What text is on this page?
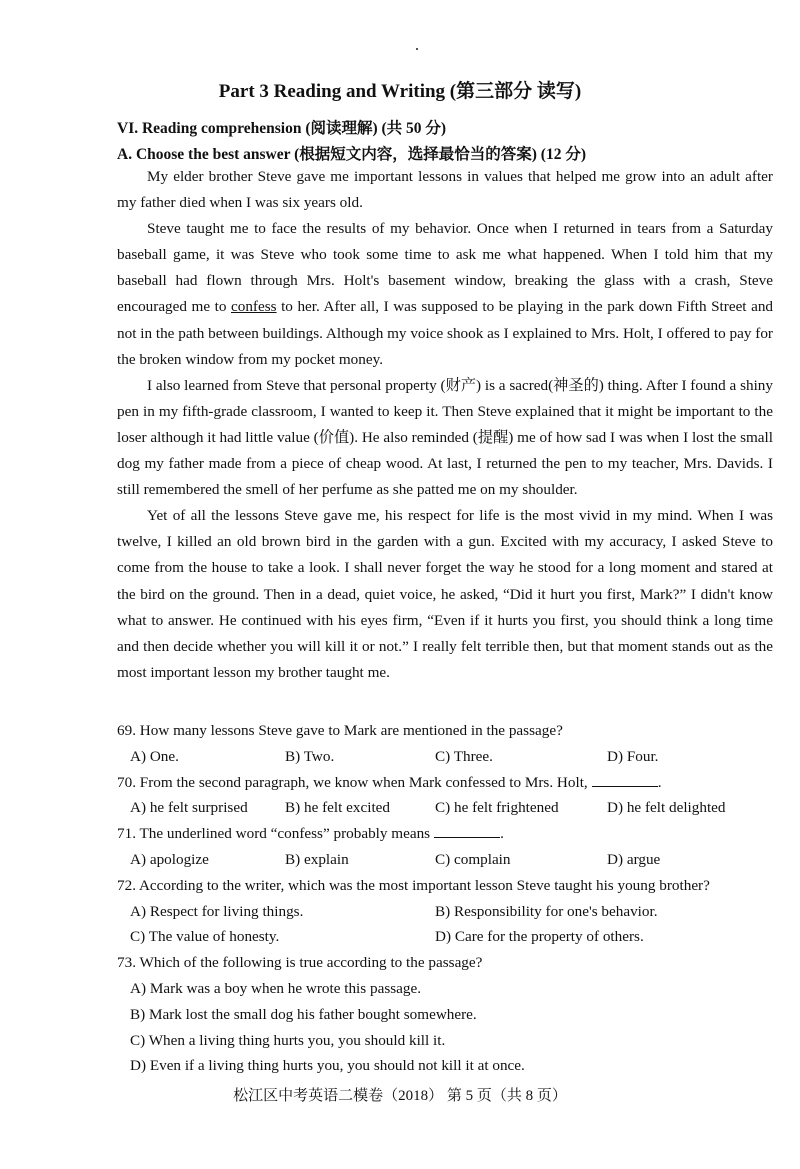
Part 3 Reading and Writing (第三部分 读写)
VI. Reading comprehension (阅读理解) (共 50 分)
A. Choose the best answer (根据短文内容，选择最恰当的答案) (12 分)

My elder brother Steve gave me important lessons in values that helped me grow into an adult after my father died when I was six years old.

Steve taught me to face the results of my behavior. Once when I returned in tears from a Saturday baseball game, it was Steve who took some time to ask me what happened. When I told him that my baseball had flown through Mrs. Holt's basement window, breaking the glass with a crash, Steve encouraged me to confess to her. After all, I was supposed to be playing in the park down Fifth Street and not in the path between buildings. Although my voice shook as I explained to Mrs. Holt, I offered to pay for the broken window from my pocket money.

I also learned from Steve that personal property (财产) is a sacred(神圣的) thing. After I found a shiny pen in my fifth-grade classroom, I wanted to keep it. Then Steve explained that it might be important to the loser although it had little value (价值). He also reminded (提醒) me of how sad I was when I lost the small dog my father made from a piece of cheap wood. At last, I returned the pen to my teacher, Mrs. Davids. I still remembered the smell of her perfume as she patted me on my shoulder.

Yet of all the lessons Steve gave me, his respect for life is the most vivid in my mind. When I was twelve, I killed an old brown bird in the garden with a gun. Excited with my accuracy, I asked Steve to come from the house to take a look. I shall never forget the way he stood for a long moment and stared at the bird on the ground. Then in a dead, quiet voice, he asked, “Did it hurt you first, Mark?” I didn't know what to answer. He continued with his eyes firm, “Even if it hurts you first, you should think a long time and then decide whether you will kill it or not.” I really felt terrible then, but that moment stands out as the most important lesson my brother taught me.

69. How many lessons Steve gave to Mark are mentioned in the passage?
A) One.	B) Two.	C) Three.	D) Four.
70. From the second paragraph, we know when Mark confessed to Mrs. Holt,	.
A) he felt surprised B) he felt excited	C) he felt frightened	D) he felt delighted
71. The underlined word “confess” probably means	.
A) apologize	B) explain	C) complain	D) argue
72. According to the writer, which was the most important lesson Steve taught his young brother?
A) Respect for living things.	B) Responsibility for one's behavior.
C) The value of honesty.	D) Care for the property of others.
73. Which of the following is true according to the passage?
A) Mark was a boy when he wrote this passage.
B) Mark lost the small dog his father bought somewhere.
C) When a living thing hurts you, you should kill it.
D) Even if a living thing hurts you, you should not kill it at once.
松江区中考英语二模卷（2018） 第 5 页（共 8 页）
